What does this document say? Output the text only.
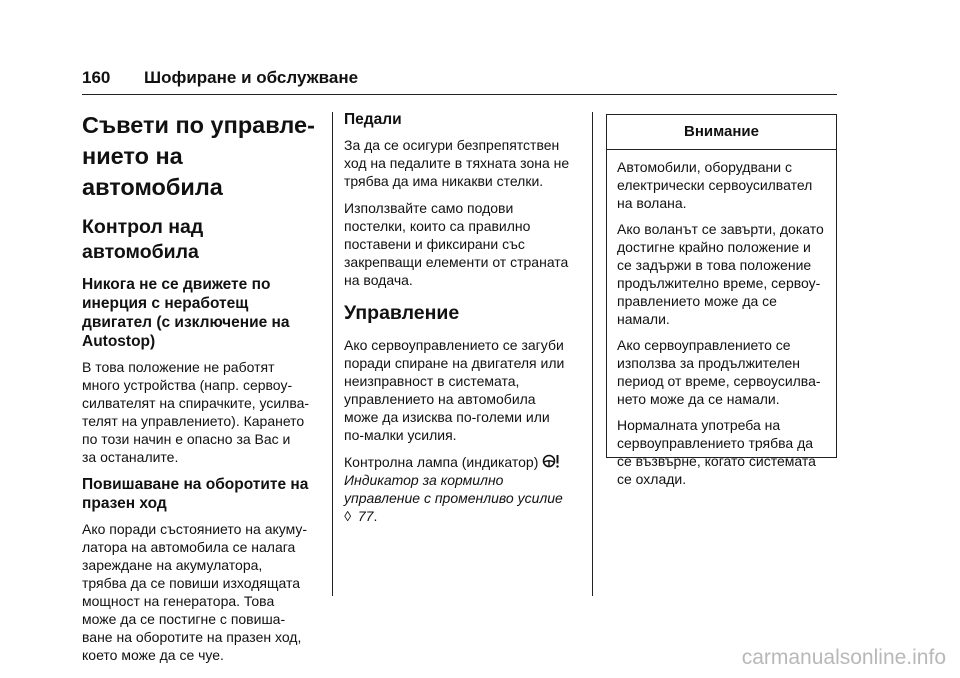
160 Шофиране и обслужване
Съвети по управле-
нието на автомобила
Контрол над
автомобила
Никога не се движете по
инерция с неработещ
двигател (с изключение на
Autostop)
В това положение не работят
много устройства (напр. сервоу-
силвателят на спирачките, усилва-
телят на управлението). Карането
по този начин е опасно за Вас и
за останалите.
Повишаване на оборотите на
празен ход
Ако поради състоянието на акуму-
латора на автомобила се налага
зареждане на акумулатора,
трябва да се повиши изходящата
мощност на генератора. Това
може да се постигне с повиша-
ване на оборотите на празен ход,
което може да се чуе.
Педали
За да се осигури безпрепятствен
ход на педалите в тяхната зона не
трябва да има никакви стелки.
Използвайте само подови
постелки, които са правилно
поставени и фиксирани със
закрепващи елементи от страната
на водача.
Управление
Ако сервоуправлението се загуби
поради спиране на двигателя или
неизправност в системата,
управлението на автомобила
може да изисква по-големи или
по-малки усилия.
Контролна лампа (индикатор)
Индикатор за кормилно
управление с променливо усилие
◊ 77.
Внимание
Автомобили, оборудвани с
електрически сервоусилвател
на волана.
Ако воланът се завърти, докато
достигне крайно положение и
се задържи в това положение
продължително време, сервоу-
правлението може да се
намали.
Ако сервоуправлението се
използва за продължителен
период от време, сервоусилва-
нето може да се намали.
Нормалната употреба на
сервоуправлението трябва да
се възвърне, когато системата
се охлади.
carmanualsonline.info
